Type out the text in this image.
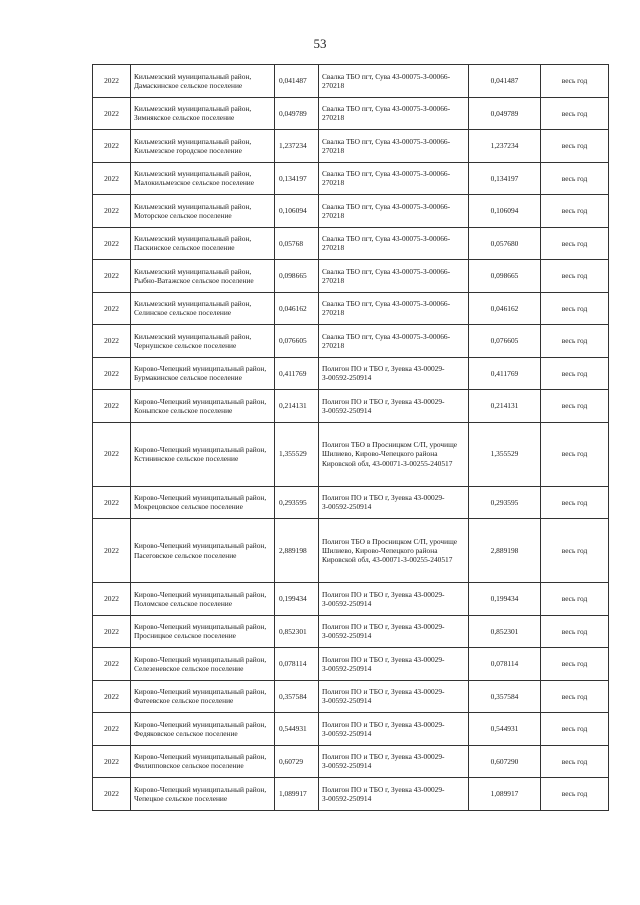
53
2022	Кильмезский муниципальный район, Дамаскинское сельское поселение	0,041487	Свалка ТБО пгт, Сува 43-00075-З-00066-270218	0,041487	весь год
2022	Кильмезский муниципальный район, Зимнякское сельское поселение	0,049789	Свалка ТБО пгт, Сува 43-00075-З-00066-270218	0,049789	весь год
2022	Кильмезский муниципальный район, Кильмезское городское поселение	1,237234	Свалка ТБО пгт, Сува 43-00075-З-00066-270218	1,237234	весь год
2022	Кильмезский муниципальный район, Малокильмезское сельское поселение	0,134197	Свалка ТБО пгт, Сува 43-00075-З-00066-270218	0,134197	весь год
2022	Кильмезский муниципальный район, Моторское сельское поселение	0,106094	Свалка ТБО пгт, Сува 43-00075-З-00066-270218	0,106094	весь год
2022	Кильмезский муниципальный район, Паскинское сельское поселение	0,05768	Свалка ТБО пгт, Сува 43-00075-З-00066-270218	0,057680	весь год
2022	Кильмезский муниципальный район, Рыбно-Ватажское сельское поселение	0,098665	Свалка ТБО пгт, Сува 43-00075-З-00066-270218	0,098665	весь год
2022	Кильмезский муниципальный район, Селинское сельское поселение	0,046162	Свалка ТБО пгт, Сува 43-00075-З-00066-270218	0,046162	весь год
2022	Кильмезский муниципальный район, Чернушское сельское поселение	0,076605	Свалка ТБО пгт, Сува 43-00075-З-00066-270218	0,076605	весь год
2022	Кирово-Чепецкий муниципальный район, Бурмакинское сельское поселение	0,411769	Полигон ПО и ТБО г, Зуевка 43-00029-З-00592-250914	0,411769	весь год
2022	Кирово-Чепецкий муниципальный район, Коныпское сельское поселение	0,214131	Полигон ПО и ТБО г, Зуевка 43-00029-З-00592-250914	0,214131	весь год
2022	Кирово-Чепецкий муниципальный район, Кстининское сельское поселение	1,355529	Полигон ТБО в Просницком С/П, урочище Шилиево, Кирово-Чепецкого района Кировской обл, 43-00071-З-00255-240517	1,355529	весь год
2022	Кирово-Чепецкий муниципальный район, Мокрецовское сельское поселение	0,293595	Полигон ПО и ТБО г, Зуевка 43-00029-З-00592-250914	0,293595	весь год
2022	Кирово-Чепецкий муниципальный район, Пасеговское сельское поселение	2,889198	Полигон ТБО в Просницком С/П, урочище Шилиево, Кирово-Чепецкого района Кировской обл, 43-00071-З-00255-240517	2,889198	весь год
2022	Кирово-Чепецкий муниципальный район, Поломское сельское поселение	0,199434	Полигон ПО и ТБО г, Зуевка 43-00029-З-00592-250914	0,199434	весь год
2022	Кирово-Чепецкий муниципальный район, Просницкое сельское поселение	0,852301	Полигон ПО и ТБО г, Зуевка 43-00029-З-00592-250914	0,852301	весь год
2022	Кирово-Чепецкий муниципальный район, Селезеневское сельское поселение	0,078114	Полигон ПО и ТБО г, Зуевка 43-00029-З-00592-250914	0,078114	весь год
2022	Кирово-Чепецкий муниципальный район, Фатеевское сельское поселение	0,357584	Полигон ПО и ТБО г, Зуевка 43-00029-З-00592-250914	0,357584	весь год
2022	Кирово-Чепецкий муниципальный район, Федяковское сельское поселение	0,544931	Полигон ПО и ТБО г, Зуевка 43-00029-З-00592-250914	0,544931	весь год
2022	Кирово-Чепецкий муниципальный район, Филипповское сельское поселение	0,60729	Полигон ПО и ТБО г, Зуевка 43-00029-З-00592-250914	0,607290	весь год
2022	Кирово-Чепецкий муниципальный район, Чепецкое сельское поселение	1,089917	Полигон ПО и ТБО г, Зуевка 43-00029-З-00592-250914	1,089917	весь год
